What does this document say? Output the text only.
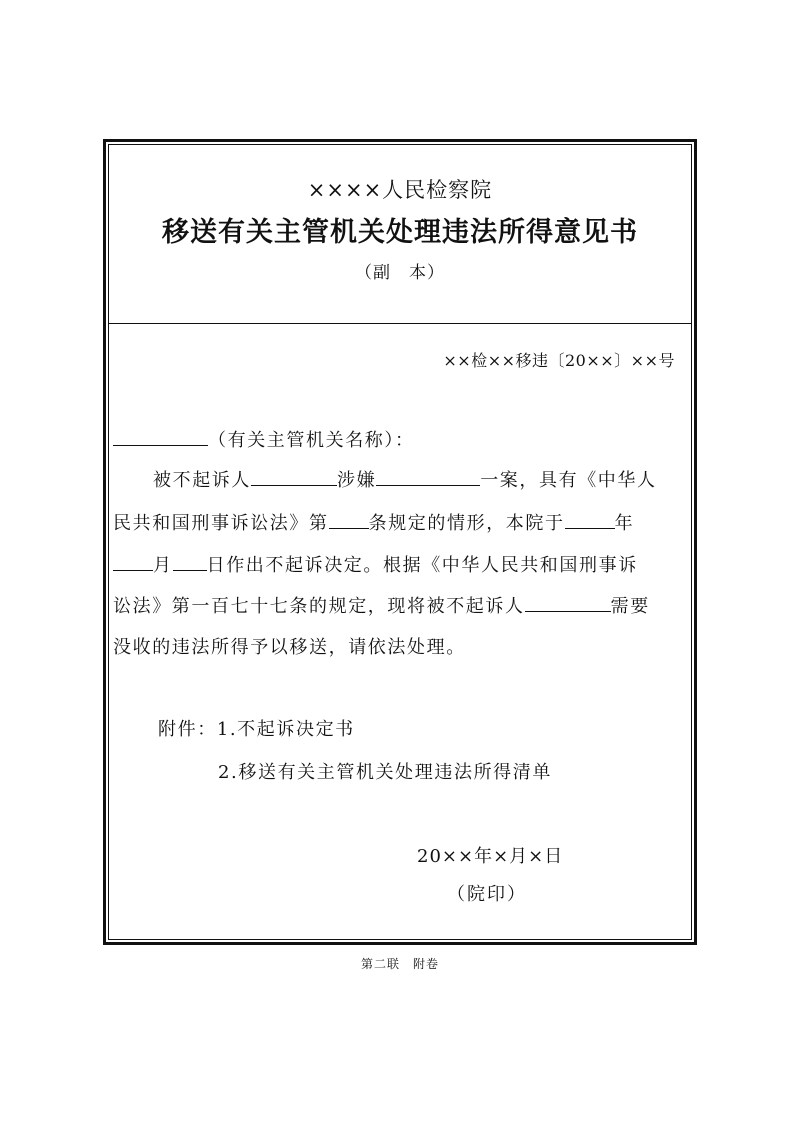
××××人民检察院
移送有关主管机关处理违法所得意见书
（副　本）
××检××移违〔20××〕××号
（有关主管机关名称）：
被不起诉人	涉嫌	一案，具有《中华人
民共和国刑事诉讼法》第 条规定的情形，本院于	年
月 日作出不起诉决定。根据《中华人民共和国刑事诉
讼法》第一百七十七条的规定，现将被不起诉人	需要
没收的违法所得予以移送，请依法处理。
附件：1.不起诉决定书
2.移送有关主管机关处理违法所得清单
20××年×月×日
（院印）
第二联　附卷
